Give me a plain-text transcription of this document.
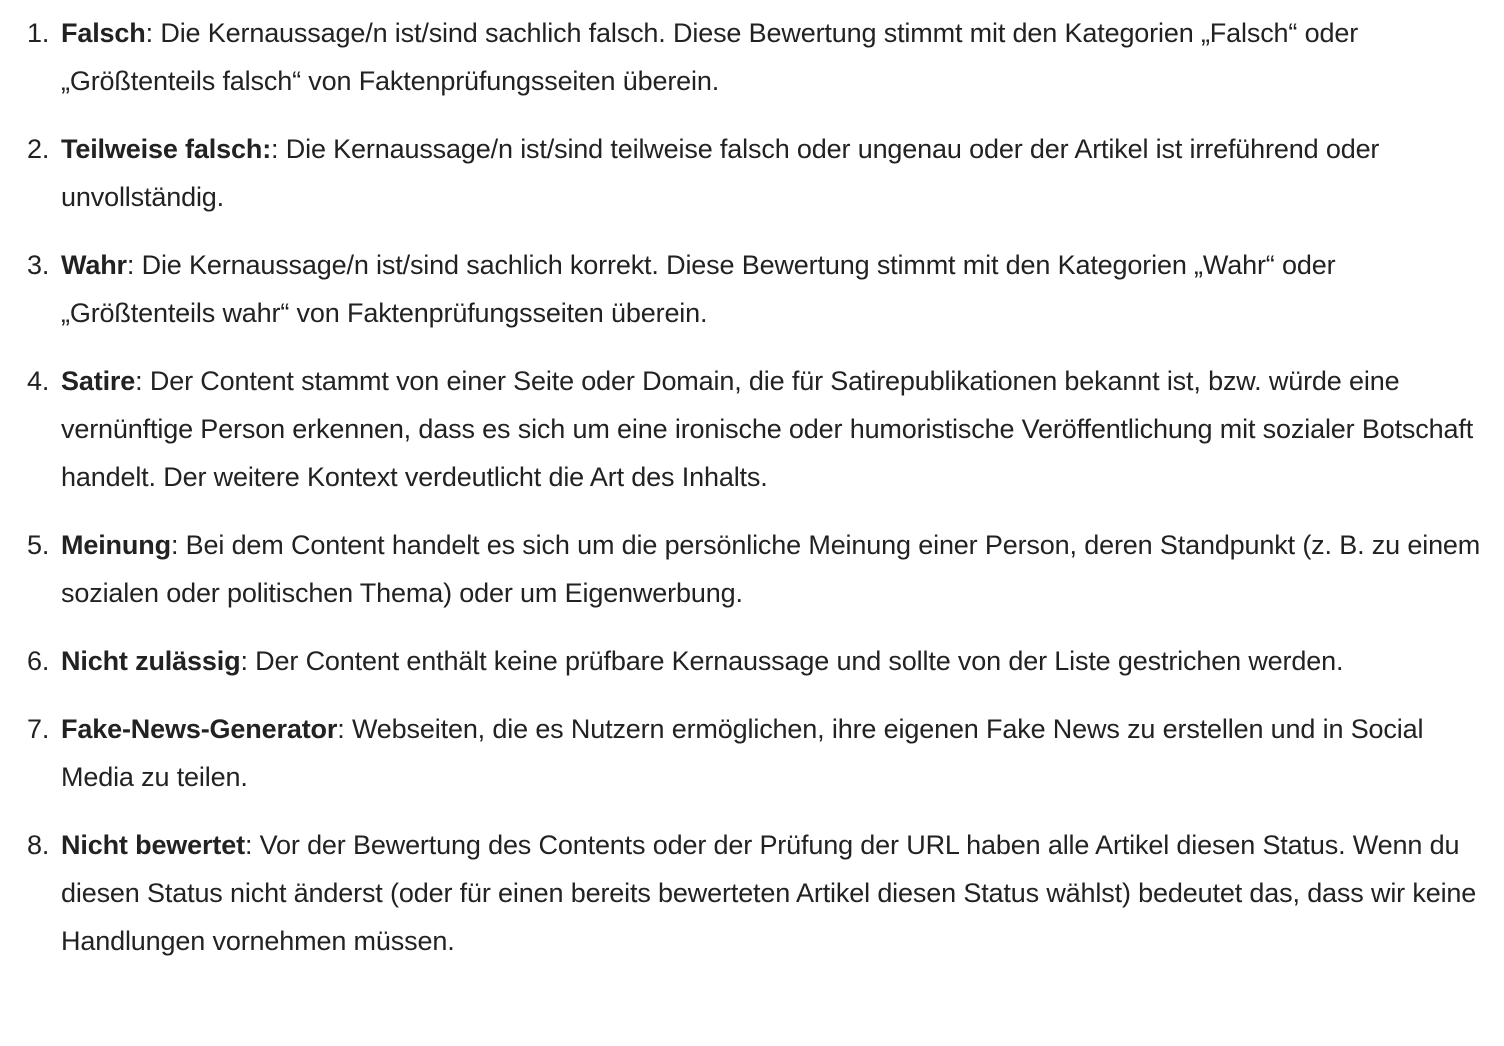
1. Falsch: Die Kernaussage/n ist/sind sachlich falsch. Diese Bewertung stimmt mit den Kategorien „Falsch“ oder „Größtenteils falsch“ von Faktenprüfungsseiten überein.
2. Teilweise falsch:: Die Kernaussage/n ist/sind teilweise falsch oder ungenau oder der Artikel ist irreführend oder unvollständig.
3. Wahr: Die Kernaussage/n ist/sind sachlich korrekt. Diese Bewertung stimmt mit den Kategorien „Wahr“ oder „Größtenteils wahr“ von Faktenprüfungsseiten überein.
4. Satire: Der Content stammt von einer Seite oder Domain, die für Satirepublikationen bekannt ist, bzw. würde eine vernünftige Person erkennen, dass es sich um eine ironische oder humoristische Veröffentlichung mit sozialer Botschaft handelt. Der weitere Kontext verdeutlicht die Art des Inhalts.
5. Meinung: Bei dem Content handelt es sich um die persönliche Meinung einer Person, deren Standpunkt (z. B. zu einem sozialen oder politischen Thema) oder um Eigenwerbung.
6. Nicht zulässig: Der Content enthält keine prüfbare Kernaussage und sollte von der Liste gestrichen werden.
7. Fake-News-Generator: Webseiten, die es Nutzern ermöglichen, ihre eigenen Fake News zu erstellen und in Social Media zu teilen.
8. Nicht bewertet: Vor der Bewertung des Contents oder der Prüfung der URL haben alle Artikel diesen Status. Wenn du diesen Status nicht änderst (oder für einen bereits bewerteten Artikel diesen Status wählst) bedeutet das, dass wir keine Handlungen vornehmen müssen.
